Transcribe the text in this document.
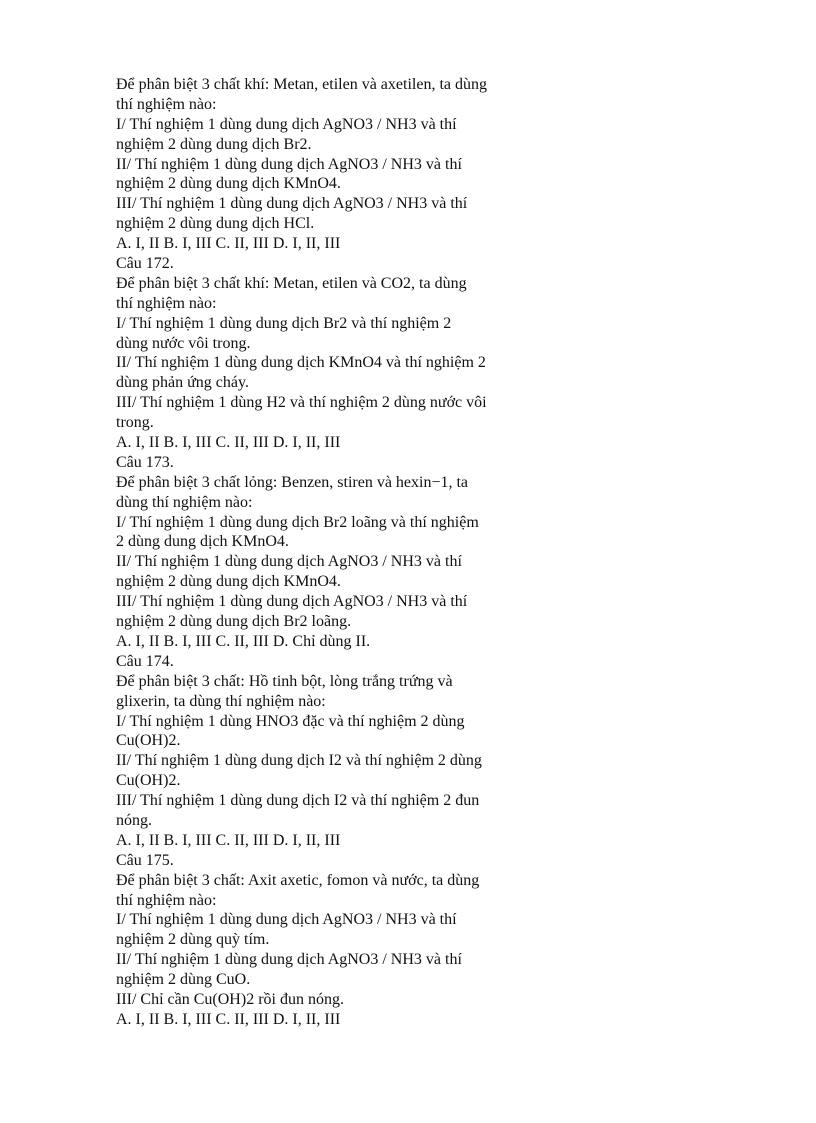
Để phân biệt 3 chất khí: Metan, etilen và axetilen, ta dùng
thí nghiệm nào:
I/ Thí nghiệm 1 dùng dung dịch AgNO3 / NH3 và thí
nghiệm 2 dùng dung dịch Br2.
II/ Thí nghiệm 1 dùng dung dịch AgNO3 / NH3 và thí
nghiệm 2 dùng dung dịch KMnO4.
III/ Thí nghiệm 1 dùng dung dịch AgNO3 / NH3 và thí
nghiệm 2 dùng dung dịch HCl.
A. I, II B. I, III C. II, III D. I, II, III
Câu 172.
Để phân biệt 3 chất khí: Metan, etilen và CO2, ta dùng
thí nghiệm nào:
I/ Thí nghiệm 1 dùng dung dịch Br2 và thí nghiệm 2
dùng nước vôi trong.
II/ Thí nghiệm 1 dùng dung dịch KMnO4 và thí nghiệm 2
dùng phản ứng cháy.
III/ Thí nghiệm 1 dùng H2 và thí nghiệm 2 dùng nước vôi
trong.
A. I, II B. I, III C. II, III D. I, II, III
Câu 173.
Để phân biệt 3 chất lỏng: Benzen, stiren và hexin−1, ta
dùng thí nghiệm nào:
I/ Thí nghiệm 1 dùng dung dịch Br2 loãng và thí nghiệm
2 dùng dung dịch KMnO4.
II/ Thí nghiệm 1 dùng dung dịch AgNO3 / NH3 và thí
nghiệm 2 dùng dung dịch KMnO4.
III/ Thí nghiệm 1 dùng dung dịch AgNO3 / NH3 và thí
nghiệm 2 dùng dung dịch Br2 loãng.
A. I, II B. I, III C. II, III D. Chỉ dùng II.
Câu 174.
Để phân biệt 3 chất: Hồ tinh bột, lòng trắng trứng và
glixerin, ta dùng thí nghiệm nào:
I/ Thí nghiệm 1 dùng HNO3 đặc và thí nghiệm 2 dùng
Cu(OH)2.
II/ Thí nghiệm 1 dùng dung dịch I2 và thí nghiệm 2 dùng
Cu(OH)2.
III/ Thí nghiệm 1 dùng dung dịch I2 và thí nghiệm 2 đun
nóng.
A. I, II B. I, III C. II, III D. I, II, III
Câu 175.
Để phân biệt 3 chất: Axit axetic, fomon và nước, ta dùng
thí nghiệm nào:
I/ Thí nghiệm 1 dùng dung dịch AgNO3 / NH3 và thí
nghiệm 2 dùng quỳ tím.
II/ Thí nghiệm 1 dùng dung dịch AgNO3 / NH3 và thí
nghiệm 2 dùng CuO.
III/ Chỉ cần Cu(OH)2 rồi đun nóng.
A. I, II B. I, III C. II, III D. I, II, III
